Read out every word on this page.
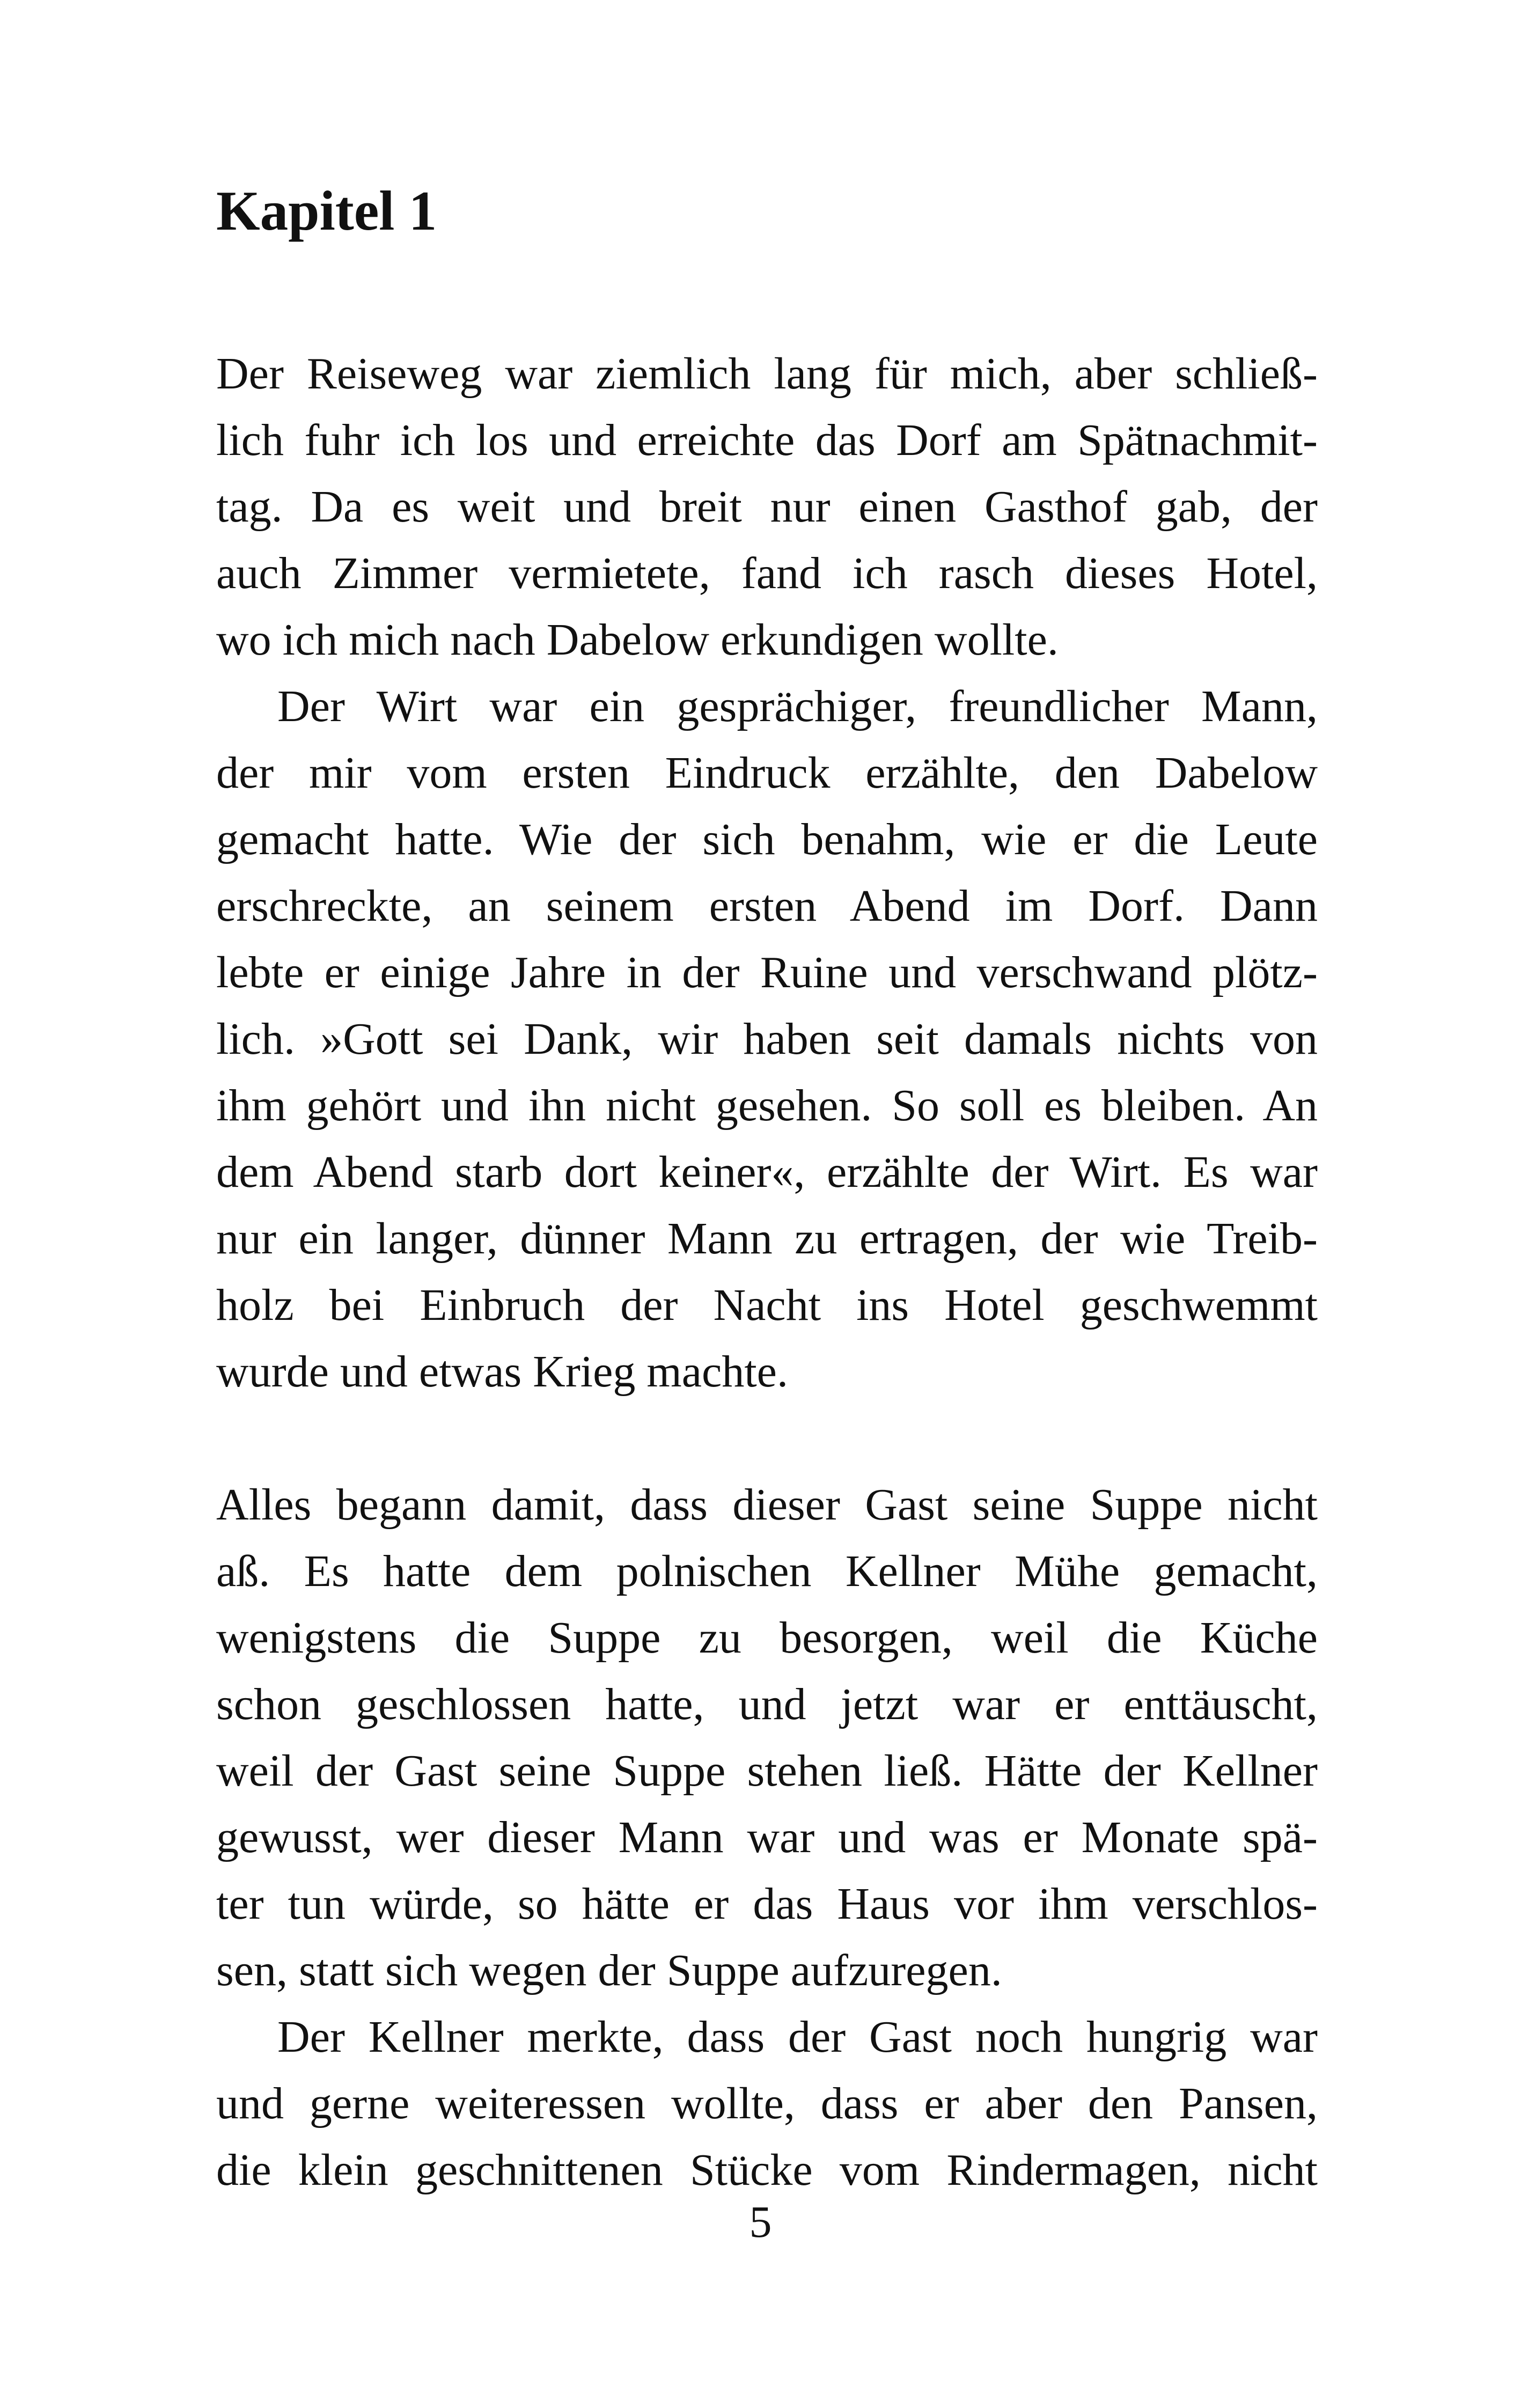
Kapitel 1
Der Reiseweg war ziemlich lang für mich, aber schließ-
lich fuhr ich los und erreichte das Dorf am Spätnachmit-
tag. Da es weit und breit nur einen Gasthof gab, der
auch Zimmer vermietete, fand ich rasch dieses Hotel,
wo ich mich nach Dabelow erkundigen wollte.
Der Wirt war ein gesprächiger, freundlicher Mann,
der mir vom ersten Eindruck erzählte, den Dabelow
gemacht hatte. Wie der sich benahm, wie er die Leute
erschreckte, an seinem ersten Abend im Dorf. Dann
lebte er einige Jahre in der Ruine und verschwand plötz-
lich. »Gott sei Dank, wir haben seit damals nichts von
ihm gehört und ihn nicht gesehen. So soll es bleiben. An
dem Abend starb dort keiner«, erzählte der Wirt. Es war
nur ein langer, dünner Mann zu ertragen, der wie Treib-
holz bei Einbruch der Nacht ins Hotel geschwemmt
wurde und etwas Krieg machte.
Alles begann damit, dass dieser Gast seine Suppe nicht
aß. Es hatte dem polnischen Kellner Mühe gemacht,
wenigstens die Suppe zu besorgen, weil die Küche
schon geschlossen hatte, und jetzt war er enttäuscht,
weil der Gast seine Suppe stehen ließ. Hätte der Kellner
gewusst, wer dieser Mann war und was er Monate spä-
ter tun würde, so hätte er das Haus vor ihm verschlos-
sen, statt sich wegen der Suppe aufzuregen.
Der Kellner merkte, dass der Gast noch hungrig war
und gerne weiteressen wollte, dass er aber den Pansen,
die klein geschnittenen Stücke vom Rindermagen, nicht

5
